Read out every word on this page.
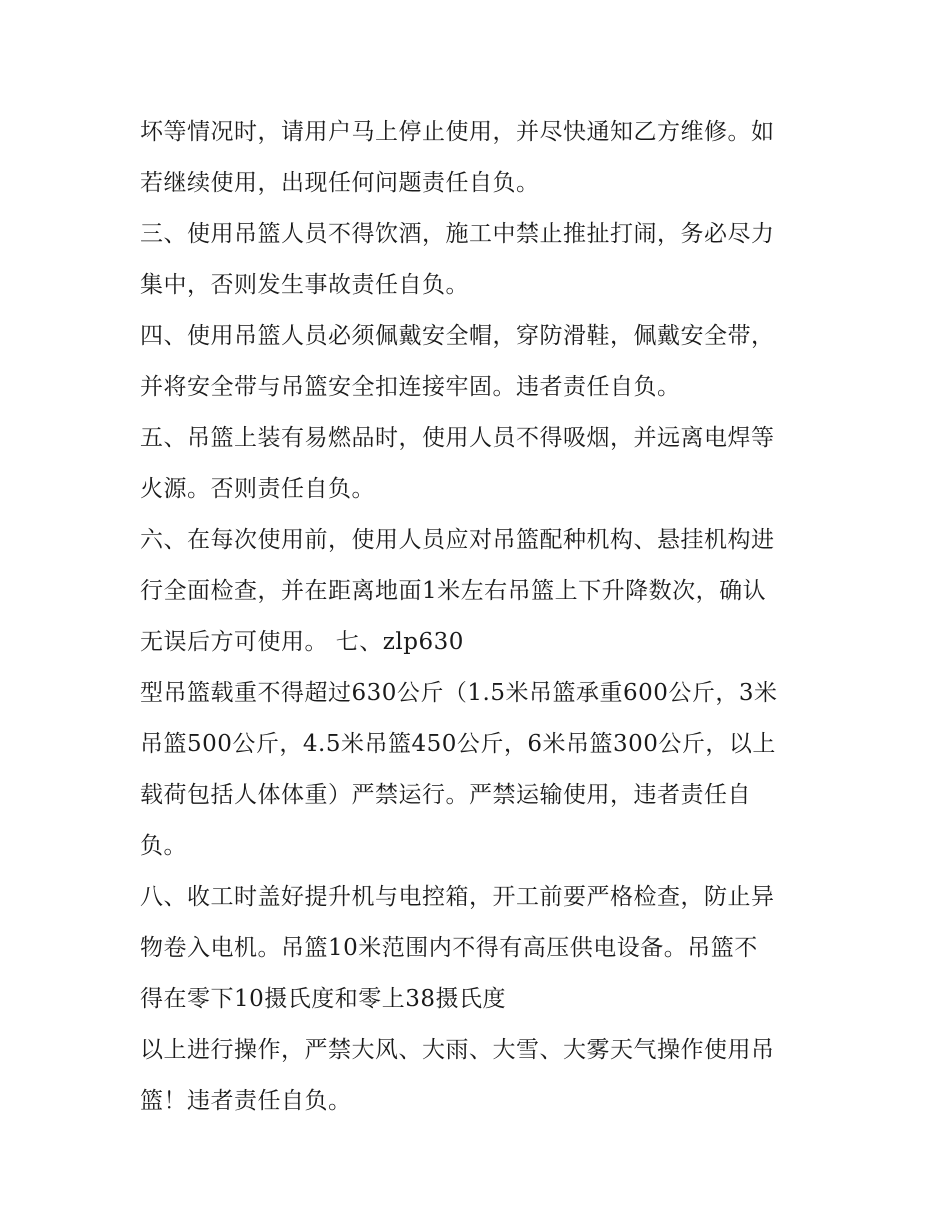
坏等情况时，请用户马上停止使用，并尽快通知乙方维修。如
若继续使用，出现任何问题责任自负。
三、使用吊篮人员不得饮酒，施工中禁止推扯打闹，务必尽力
集中，否则发生事故责任自负。
四、使用吊篮人员必须佩戴安全帽，穿防滑鞋，佩戴安全带，
并将安全带与吊篮安全扣连接牢固。违者责任自负。
五、吊篮上装有易燃品时，使用人员不得吸烟，并远离电焊等
火源。否则责任自负。
六、在每次使用前，使用人员应对吊篮配种机构、悬挂机构进
行全面检查，并在距离地面1米左右吊篮上下升降数次，确认
无误后方可使用。 七、zlp630
型吊篮载重不得超过630公斤（1.5米吊篮承重600公斤，3米
吊篮500公斤，4.5米吊篮450公斤，6米吊篮300公斤，以上
载荷包括人体体重）严禁运行。严禁运输使用，违者责任自
负。
八、收工时盖好提升机与电控箱，开工前要严格检查，防止异
物卷入电机。吊篮10米范围内不得有高压供电设备。吊篮不
得在零下10摄氏度和零上38摄氏度
以上进行操作，严禁大风、大雨、大雪、大雾天气操作使用吊
篮！违者责任自负。
